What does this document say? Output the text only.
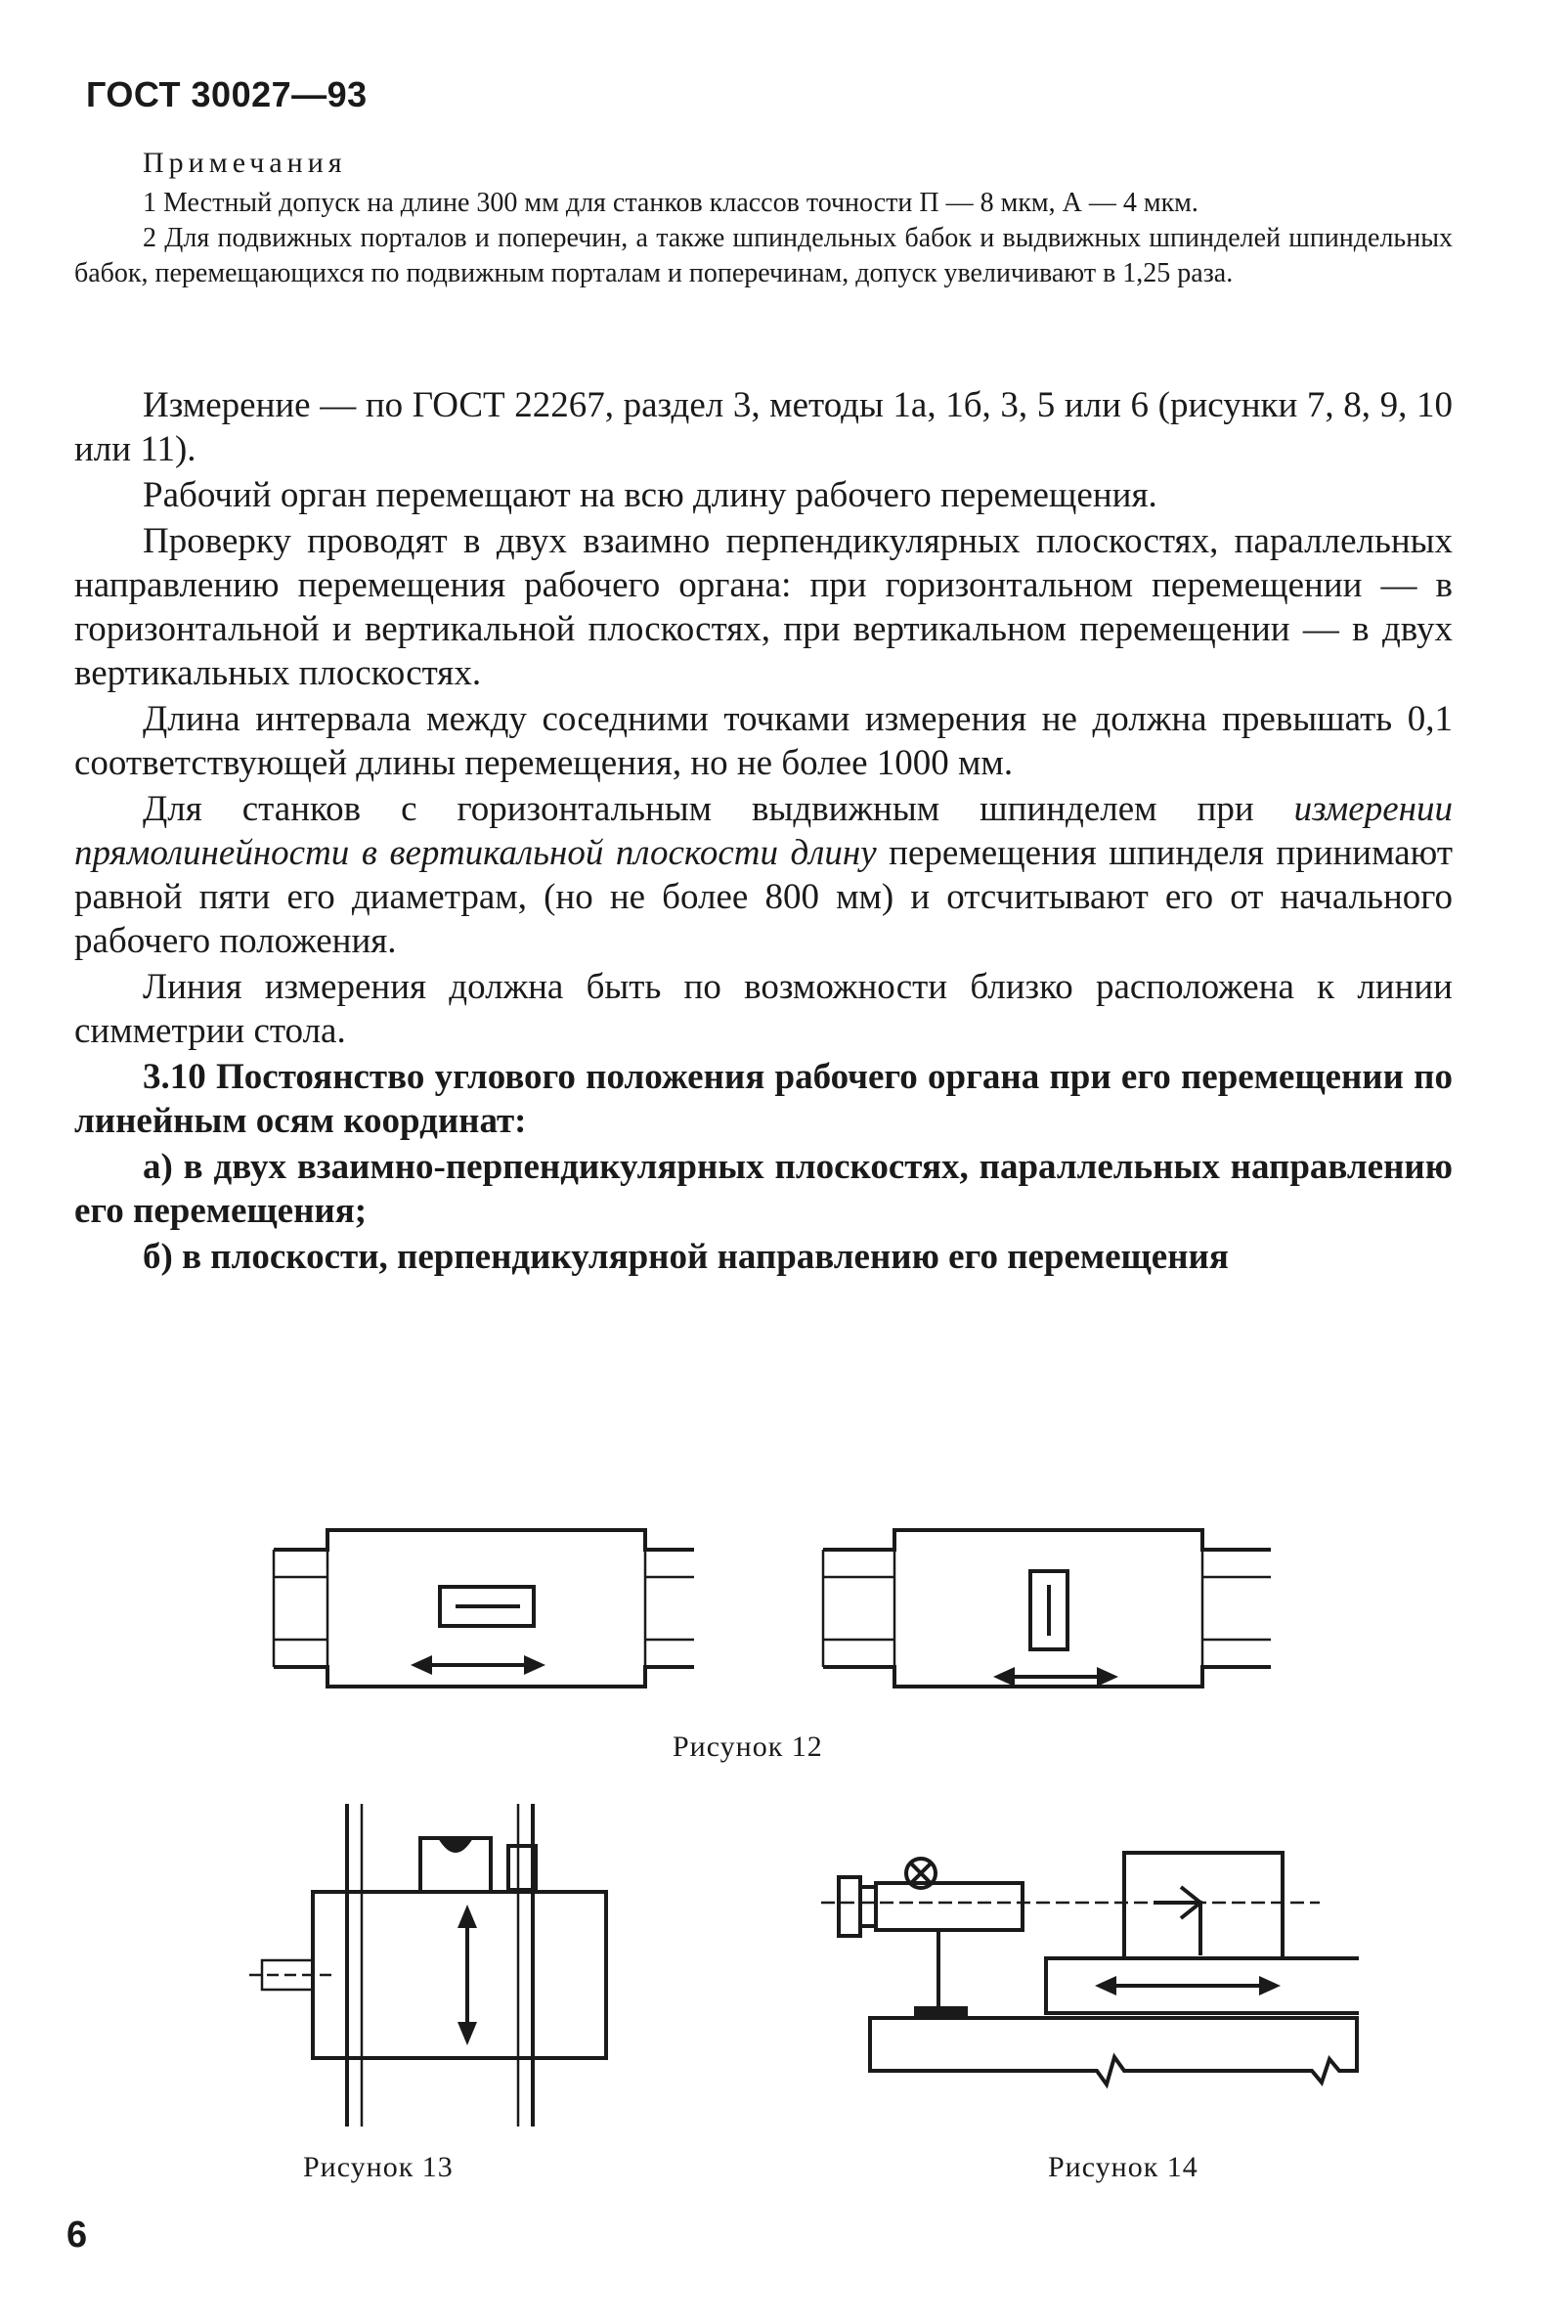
ГОСТ 30027—93
Примечания

1 Местный допуск на длине 300 мм для станков классов точности П — 8 мкм, А — 4 мкм.

2 Для подвижных порталов и поперечин, а также шпиндельных бабок и выдвижных шпинделей шпиндельных бабок, перемещающихся по подвижным порталам и поперечинам, допуск увеличивают в 1,25 раза.

Измерение — по ГОСТ 22267, раздел 3, методы 1а, 1б, 3, 5 или 6 (рисунки 7, 8, 9, 10 или 11).

Рабочий орган перемещают на всю длину рабочего перемещения.

Проверку проводят в двух взаимно перпендикулярных плоскостях, параллельных направлению перемещения рабочего органа: при горизонтальном перемещении — в горизонтальной и вертикальной плоскостях, при вертикальном перемещении — в двух вертикальных плоскостях.

Длина интервала между соседними точками измерения не должна превышать 0,1 соответствующей длины перемещения, но не более 1000 мм.

Для станков с горизонтальным выдвижным шпинделем при измерении прямолинейности в вертикальной плоскости длину перемещения шпинделя принимают равной пяти его диаметрам, (но не более 800 мм) и отсчитывают его от начального рабочего положения.

Линия измерения должна быть по возможности близко расположена к линии симметрии стола.

3.10 Постоянство углового положения рабочего органа при его перемещении по линейным осям координат:

а) в двух взаимно-перпендикулярных плоскостях, параллельных направлению его перемещения;

б) в плоскости, перпендикулярной направлению его перемещения

Рисунок 12
Рисунок 13	Рисунок 14
6
